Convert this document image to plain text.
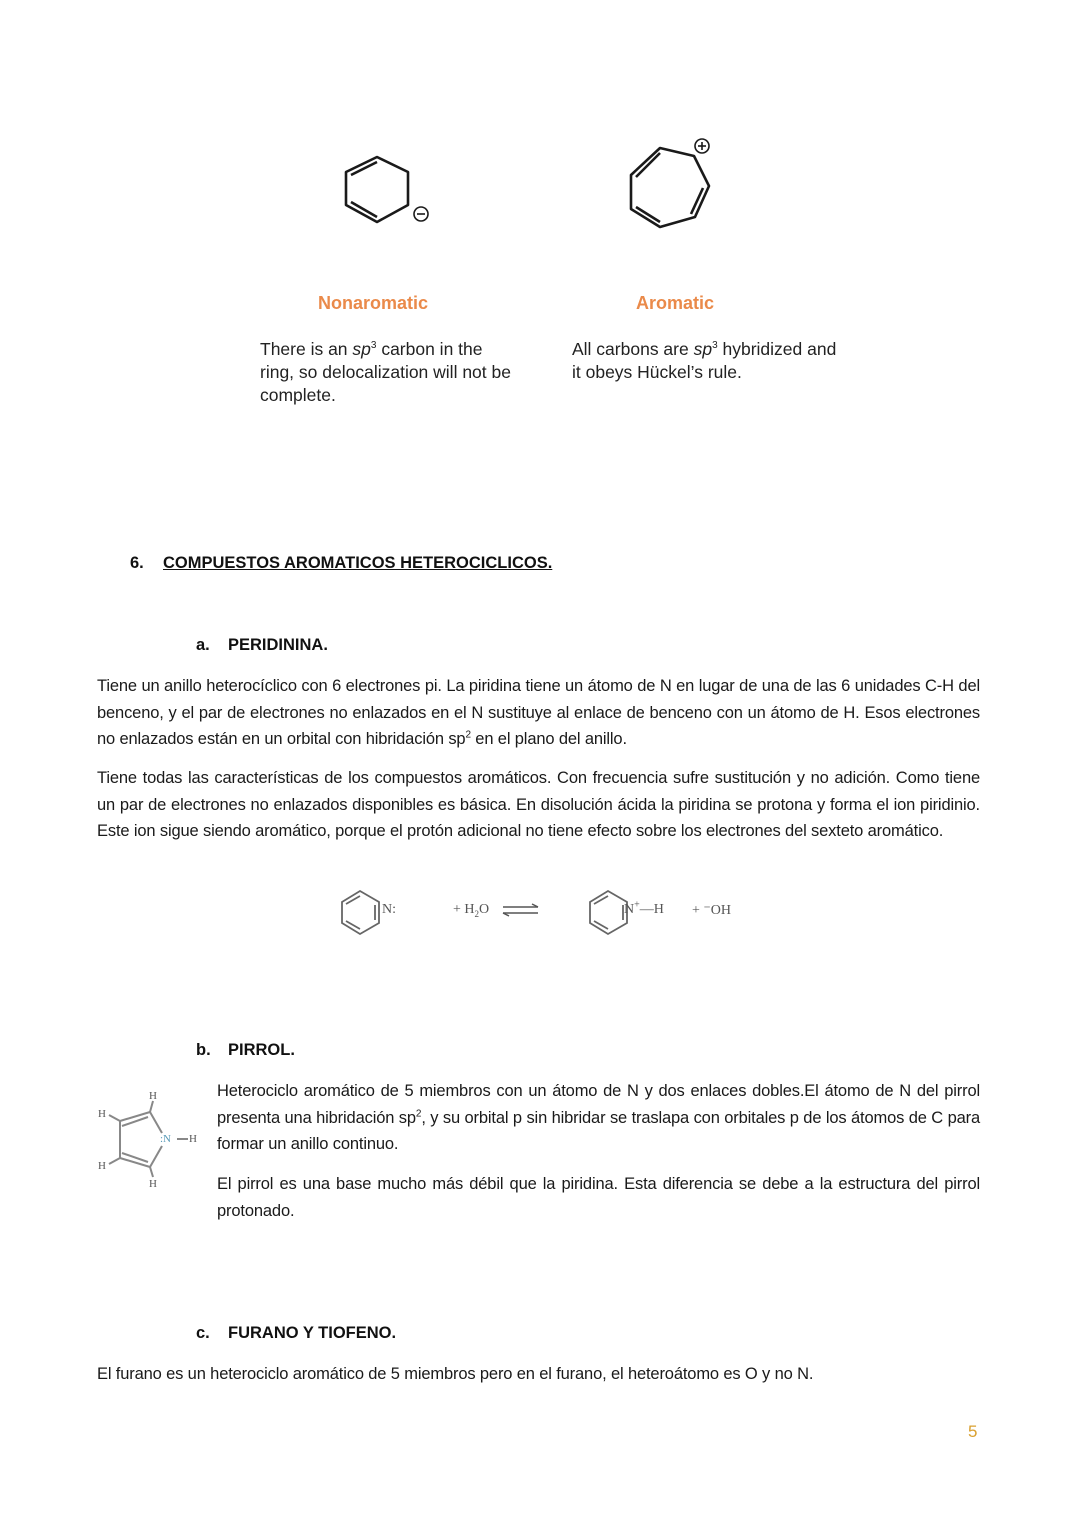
Nonaromatic	Aromatic
There is an $sp^3$ carbon in the ring, so delocalization will not be complete.
All carbons are $sp^3$ hybridized and it obeys Hückel’s rule.
6. COMPUESTOS AROMATICOS HETEROCICLICOS.
a. PERIDININA.
Tiene un anillo heterocíclico con 6 electrones pi. La piridina tiene un átomo de N en lugar de una de las 6 unidades C-H del benceno, y el par de electrones no enlazados en el N sustituye al enlace de benceno con un átomo de H. Esos electrones no enlazados están en un orbital con hibridación $sp^2$ en el plano del anillo.
Tiene todas las características de los compuestos aromáticos. Con frecuencia sufre sustitución y no adición. Como tiene un par de electrones no enlazados disponibles es básica. En disolución ácida la piridina se protona y forma el ion piridinio. Este ion sigue siendo aromático, porque el protón adicional no tiene efecto sobre los electrones del sexteto aromático.
N:	+ $H_2O$ ⇌	N+—H + ⁻OH
b. PIRROL.
H
H
H
H
:N H
Heterociclo aromático de 5 miembros con un átomo de N y dos enlaces dobles.El átomo de N del pirrol presenta una hibridación $sp^2$, y su orbital p sin hibridar se traslapa con orbitales p de los átomos de C para formar un anillo continuo.
El pirrol es una base mucho más débil que la piridina. Esta diferencia se debe a la estructura del pirrol protonado.
c. FURANO Y TIOFENO.
El furano es un heterociclo aromático de 5 miembros pero en el furano, el heteroátomo es O y no N.
5
